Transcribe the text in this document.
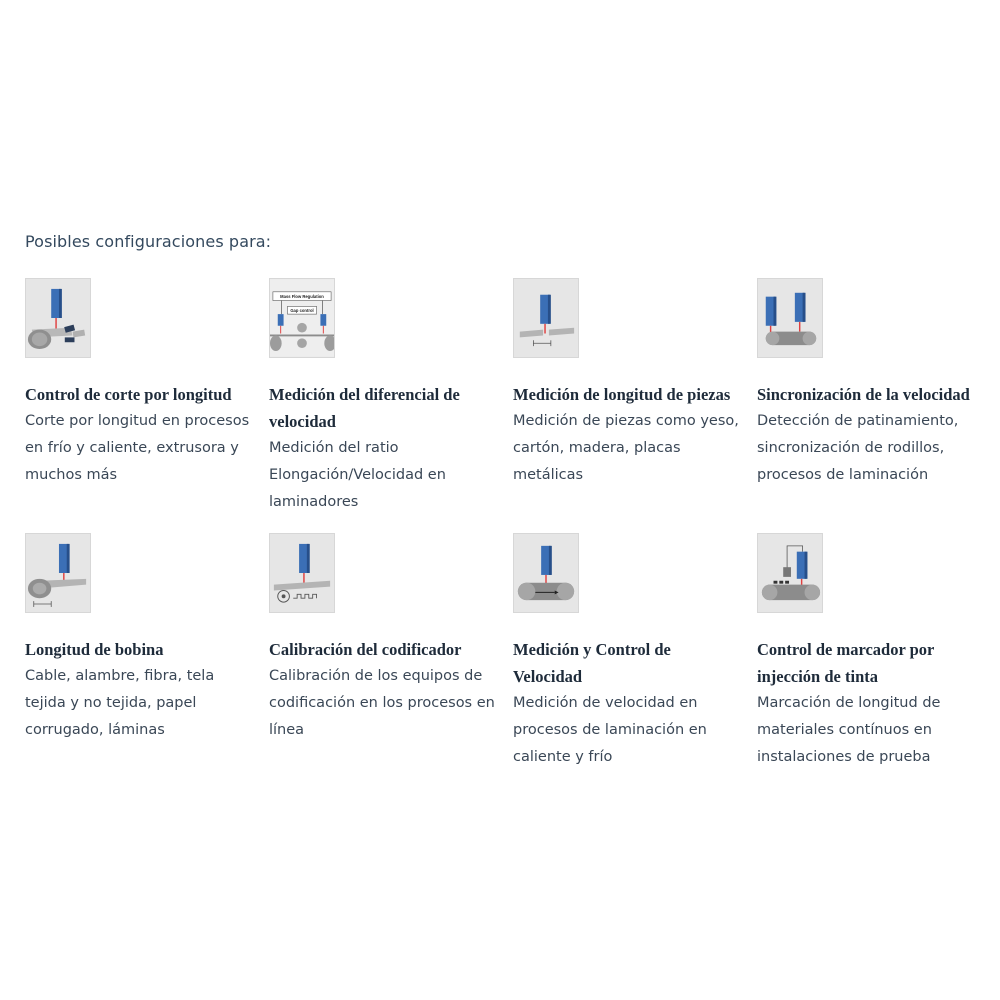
Posibles configuraciones para:
Control de corte por longitud
Corte por longitud en procesos en frío y caliente, extrusora y muchos más
Mass Flow Regulation
Gap control
Medición del diferencial de velocidad
Medición del ratio Elongación/Velocidad en laminadores
Medición de longitud de piezas
Medición de piezas como yeso, cartón, madera, placas metálicas
Sincronización de la velocidad
Detección de patinamiento, sincronización de rodillos, procesos de laminación
Longitud de bobina
Cable, alambre, fibra, tela tejida y no tejida, papel corrugado, láminas
Calibración del codificador
Calibración de los equipos de codificación en los procesos en línea
Medición y Control de Velocidad
Medición de velocidad en procesos de laminación en caliente y frío
Control de marcador por injección de tinta
Marcación de longitud de materiales contínuos en instalaciones de prueba
